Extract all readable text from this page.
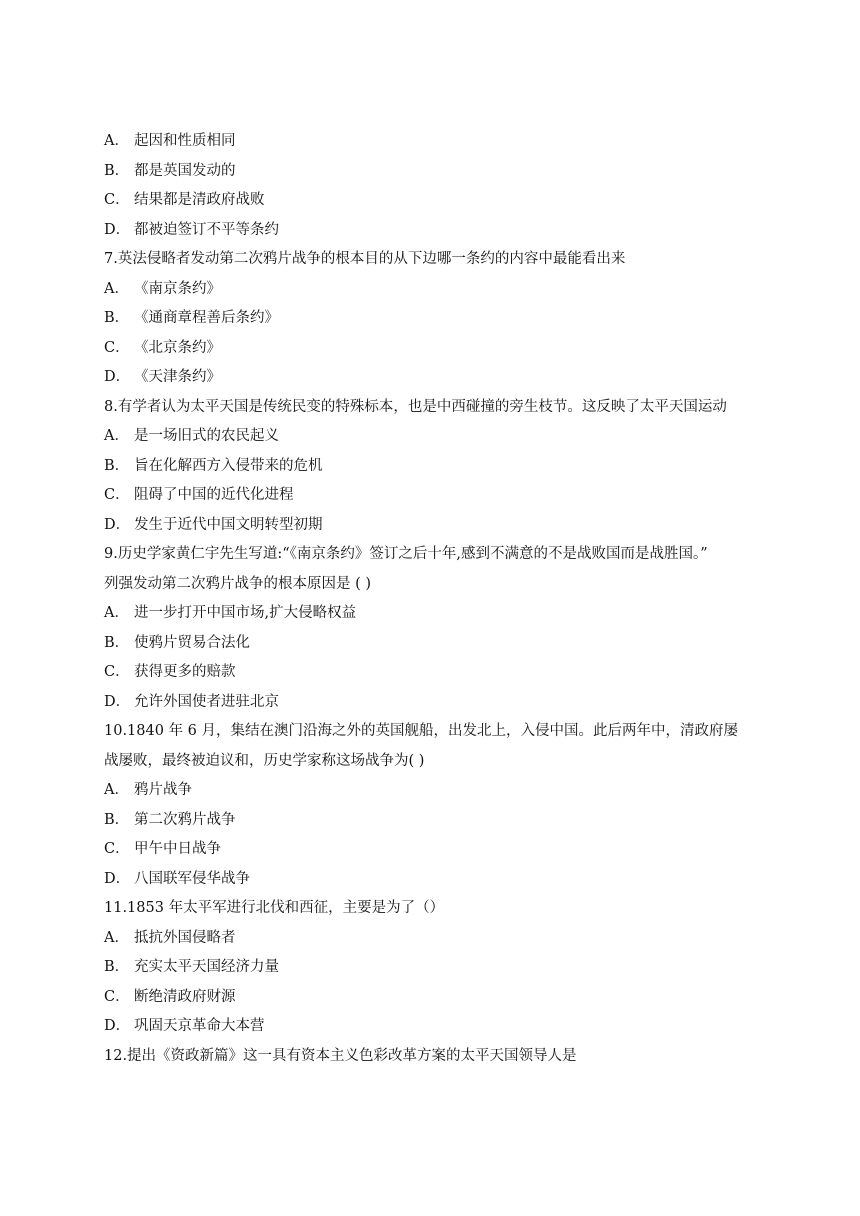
A． 起因和性质相同
B． 都是英国发动的
C． 结果都是清政府战败
D． 都被迫签订不平等条约
7.英法侵略者发动第二次鸦片战争的根本目的从下边哪一条约的内容中最能看出来
A． 《南京条约》
B． 《通商章程善后条约》
C． 《北京条约》
D． 《天津条约》
8.有学者认为太平天国是传统民变的特殊标本，也是中西碰撞的旁生枝节。这反映了太平天国运动
A． 是一场旧式的农民起义
B． 旨在化解西方入侵带来的危机
C． 阻碍了中国的近代化进程
D． 发生于近代中国文明转型初期
9.历史学家黄仁宇先生写道:“《南京条约》签订之后十年,感到不满意的不是战败国而是战胜国。”
列强发动第二次鸦片战争的根本原因是 ( )
A． 进一步打开中国市场,扩大侵略权益
B． 使鸦片贸易合法化
C． 获得更多的赔款
D． 允许外国使者进驻北京
10.1840 年 6 月，集结在澳门沿海之外的英国舰船，出发北上，入侵中国。此后两年中，清政府屡
战屡败，最终被迫议和，历史学家称这场战争为( )
A． 鸦片战争
B． 第二次鸦片战争
C． 甲午中日战争
D． 八国联军侵华战争
11.1853 年太平军进行北伐和西征，主要是为了（）
A． 抵抗外国侵略者
B． 充实太平天国经济力量
C． 断绝清政府财源
D． 巩固天京革命大本营
12.提出《资政新篇》这一具有资本主义色彩改革方案的太平天国领导人是
